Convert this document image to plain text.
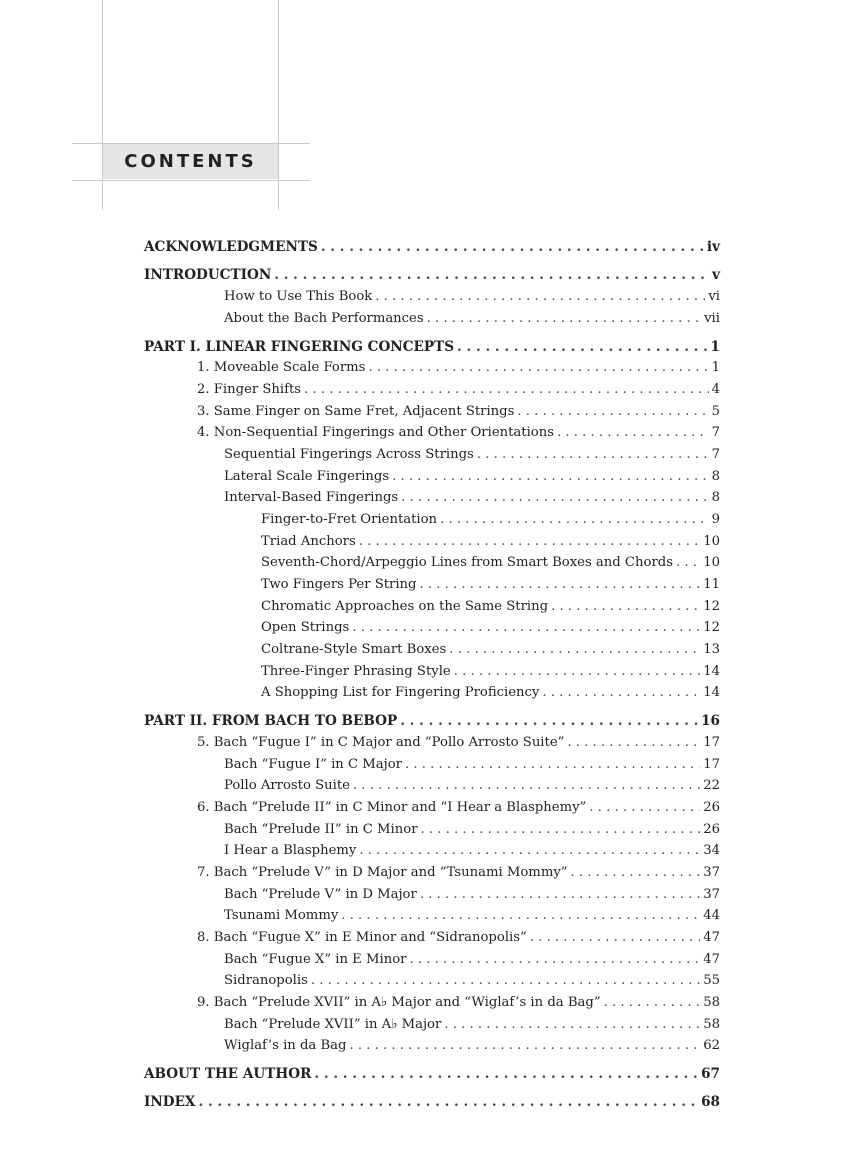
CONTENTS
ACKNOWLEDGMENTS . . .	iv
INTRODUCTION . . .	v
How to Use This Book . . .	vi
About the Bach Performances . . .	vii
PART I. LINEAR FINGERING CONCEPTS . . .	1
1. Moveable Scale Forms . . .	1
2. Finger Shifts . . .	4
3. Same Finger on Same Fret, Adjacent Strings . . .	5
4. Non-Sequential Fingerings and Other Orientations . . .	7
Sequential Fingerings Across Strings . . .	7
Lateral Scale Fingerings . . .	8
Interval-Based Fingerings . . .	8
Finger-to-Fret Orientation . . .	9
Triad Anchors . . .	10
Seventh-Chord/Arpeggio Lines from Smart Boxes and Chords . . . 10
Two Fingers Per String . . .	11
Chromatic Approaches on the Same String . . .	12
Open Strings . . .	12
Coltrane-Style Smart Boxes . . .	13
Three-Finger Phrasing Style . . .	14
A Shopping List for Fingering Proficiency . . .	14
PART II. FROM BACH TO BEBOP . . .	16
5. Bach “Fugue I” in C Major and “Pollo Arrosto Suite” . . .	17
Bach “Fugue I” in C Major . . .	17
Pollo Arrosto Suite . . .	22
6. Bach “Prelude II” in C Minor and “I Hear a Blasphemy” . . .	26
Bach “Prelude II” in C Minor . . .	26
I Hear a Blasphemy . . .	34
7. Bach “Prelude V” in D Major and “Tsunami Mommy” . . .	37
Bach “Prelude V” in D Major . . .	37
Tsunami Mommy . . .	44
8. Bach “Fugue X” in E Minor and “Sidranopolis” . . .	47
Bach “Fugue X” in E Minor . . .	47
Sidranopolis . . .	55
9. Bach “Prelude XVII” in A♭ Major and “Wiglaf’s in da Bag” . . .	58
Bach “Prelude XVII” in A♭ Major . . .	58
Wiglaf’s in da Bag . . .	62
ABOUT THE AUTHOR . . .	67
INDEX . . .	68
